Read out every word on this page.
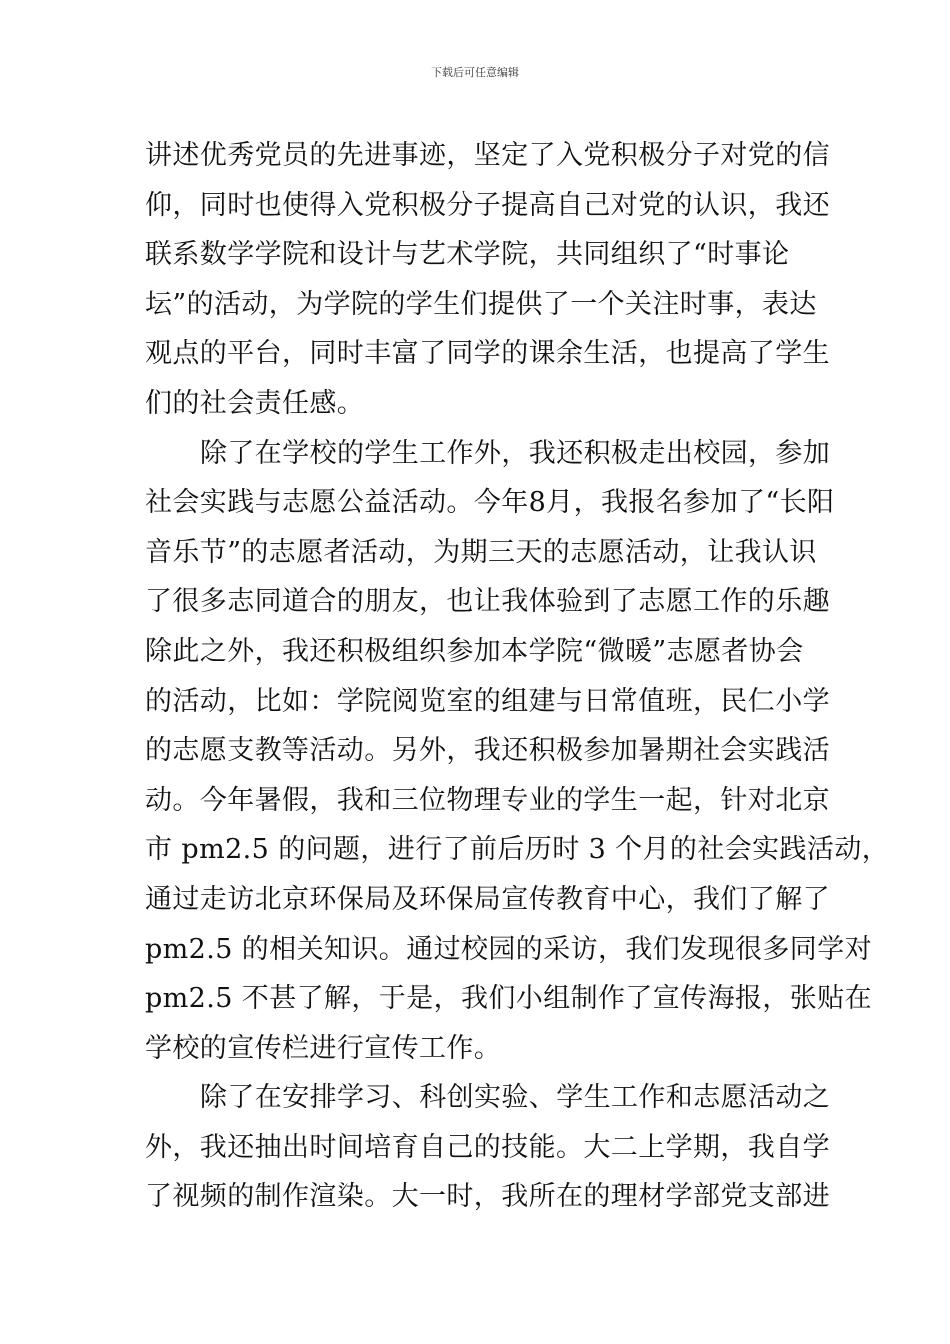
下载后可任意编辑
讲述优秀党员的先进事迹，坚定了入党积极分子对党的信
仰，同时也使得入党积极分子提高自己对党的认识，我还
联系数学学院和设计与艺术学院，共同组织了“时事论
坛”的活动，为学院的学生们提供了一个关注时事，表达
观点的平台，同时丰富了同学的课余生活，也提高了学生
们的社会责任感。
除了在学校的学生工作外，我还积极走出校园，参加
社会实践与志愿公益活动。今年8月，我报名参加了“长阳
音乐节”的志愿者活动，为期三天的志愿活动，让我认识
了很多志同道合的朋友，也让我体验到了志愿工作的乐趣
除此之外，我还积极组织参加本学院“微暖”志愿者协会
的活动，比如：学院阅览室的组建与日常值班，民仁小学
的志愿支教等活动。另外，我还积极参加暑期社会实践活
动。今年暑假，我和三位物理专业的学生一起，针对北京
市 pm2.5 的问题，进行了前后历时 3 个月的社会实践活动，
通过走访北京环保局及环保局宣传教育中心，我们了解了
pm2.5 的相关知识。通过校园的采访，我们发现很多同学对
pm2.5 不甚了解，于是，我们小组制作了宣传海报，张贴在
学校的宣传栏进行宣传工作。
除了在安排学习、科创实验、学生工作和志愿活动之
外，我还抽出时间培育自己的技能。大二上学期，我自学
了视频的制作渲染。大一时，我所在的理材学部党支部进
